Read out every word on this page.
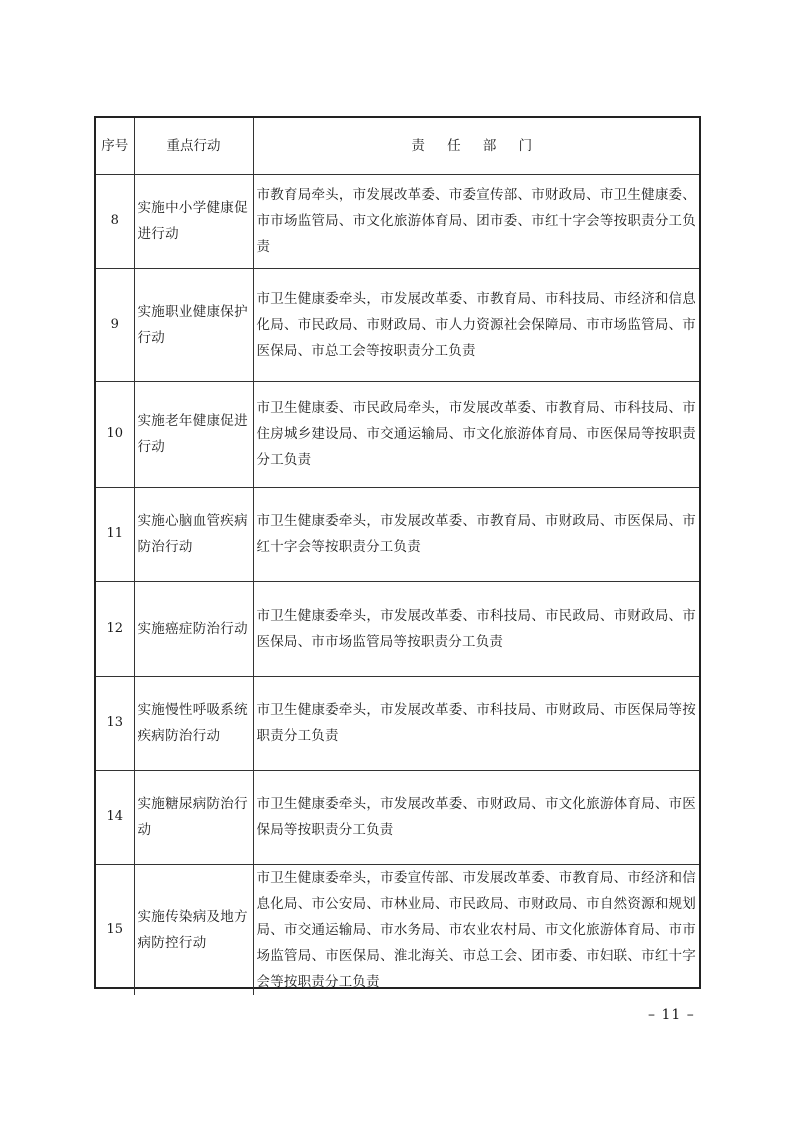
序号	重点行动	责 任 部 门
8	实施中小学健康促进行动	市教育局牵头，市发展改革委、市委宣传部、市财政局、市卫生健康委、市市场监管局、市文化旅游体育局、团市委、市红十字会等按职责分工负责
9	实施职业健康保护行动	市卫生健康委牵头，市发展改革委、市教育局、市科技局、市经济和信息化局、市民政局、市财政局、市人力资源社会保障局、市市场监管局、市医保局、市总工会等按职责分工负责
10	实施老年健康促进行动	市卫生健康委、市民政局牵头，市发展改革委、市教育局、市科技局、市住房城乡建设局、市交通运输局、市文化旅游体育局、市医保局等按职责分工负责
11	实施心脑血管疾病防治行动	市卫生健康委牵头，市发展改革委、市教育局、市财政局、市医保局、市红十字会等按职责分工负责
12	实施癌症防治行动	市卫生健康委牵头，市发展改革委、市科技局、市民政局、市财政局、市医保局、市市场监管局等按职责分工负责
13	实施慢性呼吸系统疾病防治行动	市卫生健康委牵头，市发展改革委、市科技局、市财政局、市医保局等按职责分工负责
14	实施糖尿病防治行动	市卫生健康委牵头，市发展改革委、市财政局、市文化旅游体育局、市医保局等按职责分工负责
15	实施传染病及地方病防控行动	市卫生健康委牵头，市委宣传部、市发展改革委、市教育局、市经济和信息化局、市公安局、市林业局、市民政局、市财政局、市自然资源和规划局、市交通运输局、市水务局、市农业农村局、市文化旅游体育局、市市场监管局、市医保局、淮北海关、市总工会、团市委、市妇联、市红十字会等按职责分工负责
– 11 –
